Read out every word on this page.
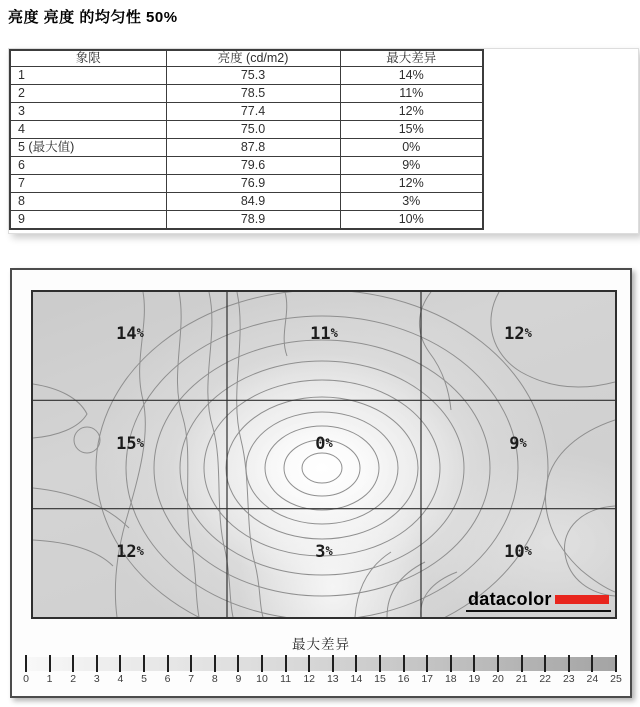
亮度 亮度 的均匀性 50%
象限	亮度 (cd/m2)	最大差异
1	75.3	14%
2	78.5	11%
3	77.4	12%
4	75.0	15%
5 (最大值)	87.8	0%
6	79.6	9%
7	76.9	12%
8	84.9	3%
9	78.9	10%
datacolor
14%	11%	12%
15%	0%	9%
12%	3%	10%
最大差异
0 1 2 3 4 5 6 7 8 9 10 11 12 13 14 15 16 17 18 19 20 21 22 23 24 25
